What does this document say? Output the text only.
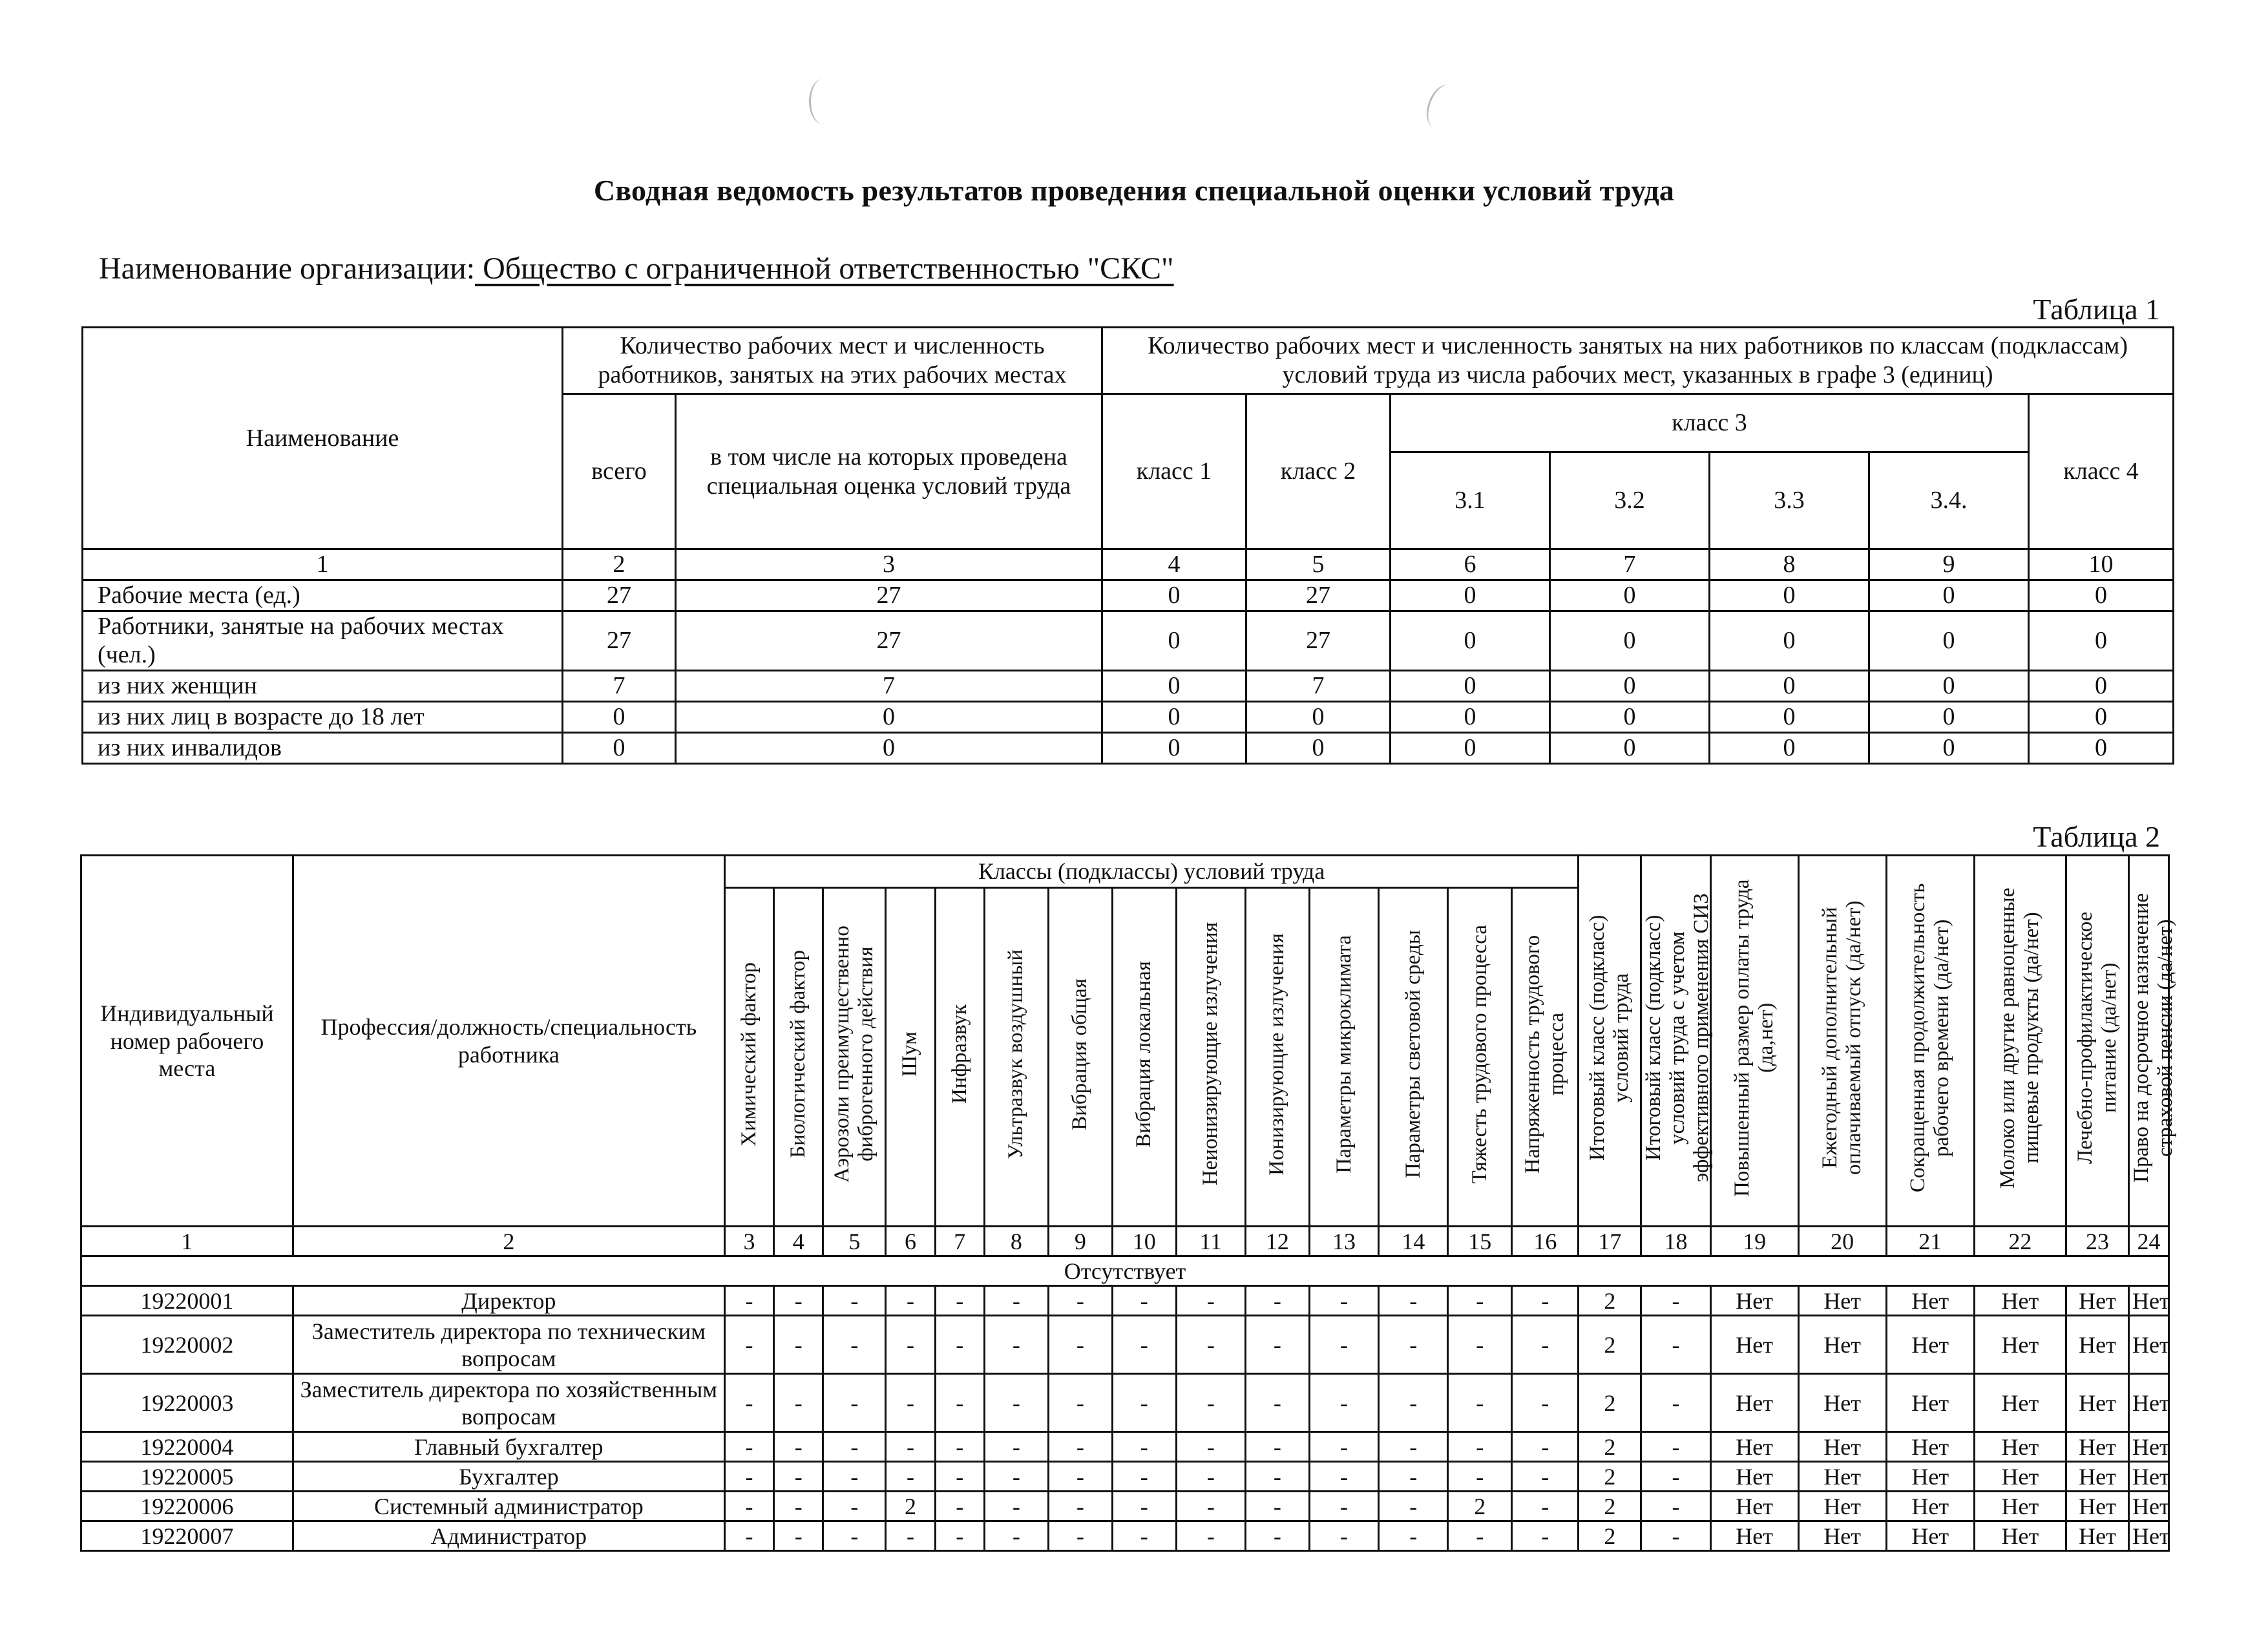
Сводная ведомость результатов проведения специальной оценки условий труда
Наименование организации: Общество с ограниченной ответственностью "СКС"
Таблица 1
Наименование	Количество рабочих мест и численность работников, занятых на этих рабочих местах		Количество рабочих мест и численность занятых на них работников по классам (подклассам) условий труда из числа рабочих мест, указанных в графе 3 (единиц)						
	всего	в том числе на которых проведена специальная оценка условий труда	класс 1	класс 2	класс 3				класс 4
					3.1	3.2	3.3	3.4.	
1	2	3	4	5	6	7	8	9	10
Рабочие места (ед.)	27	27	0	27	0	0	0	0	0
Работники, занятые на рабочих местах (чел.)	27	27	0	27	0	0	0	0	0
из них женщин	7	7	0	7	0	0	0	0	0
из них лиц в возрасте до 18 лет	0	0	0	0	0	0	0	0	0
из них инвалидов	0	0	0	0	0	0	0	0	0
Таблица 2
Индивидуальный номер рабочего места	Профессия/должность/специальность работника	Классы (подклассы) условий труда														Итоговый класс (подкласс) условий труда	Итоговый класс (подкласс) условий труда с учетом эффективного применения СИЗ	Повышенный размер оплаты труда (да,нет)	Ежегодный дополнительный оплачиваемый отпуск (да/нет)	Сокращенная продолжительность рабочего времени (да/нет)	Молоко или другие равноценные пищевые продукты (да/нет)	Лечебно-профилактическое питание (да/нет)	Право на досрочное назначение страховой пенсии (да/нет)
		Химический фактор	Биологический фактор	Аэрозоли преимущественно фиброгенного действия	Шум	Инфразвук	Ультразвук воздушный	Вибрация общая	Вибрация локальная	Неионизирующие излучения	Ионизирующие излучения	Параметры микроклимата	Параметры световой среды	Тяжесть трудового процесса	Напряженность трудового процесса								
1	2	3	4	5	6	7	8	9	10	11	12	13	14	15	16	17	18	19	20	21	22	23	24
Отсутствует																							
19220001	Директор	-	-	-	-	-	-	-	-	-	-	-	-	-	-	2	-	Нет	Нет	Нет	Нет	Нет	Нет
19220002	Заместитель директора по техническим вопросам	-	-	-	-	-	-	-	-	-	-	-	-	-	-	2	-	Нет	Нет	Нет	Нет	Нет	Нет
19220003	Заместитель директора по хозяйственным вопросам	-	-	-	-	-	-	-	-	-	-	-	-	-	-	2	-	Нет	Нет	Нет	Нет	Нет	Нет
19220004	Главный бухгалтер	-	-	-	-	-	-	-	-	-	-	-	-	-	-	2	-	Нет	Нет	Нет	Нет	Нет	Нет
19220005	Бухгалтер	-	-	-	-	-	-	-	-	-	-	-	-	-	-	2	-	Нет	Нет	Нет	Нет	Нет	Нет
19220006	Системный администратор	-	-	-	2	-	-	-	-	-	-	-	-	2	-	2	-	Нет	Нет	Нет	Нет	Нет	Нет
19220007	Администратор	-	-	-	-	-	-	-	-	-	-	-	-	-	-	2	-	Нет	Нет	Нет	Нет	Нет	Нет
